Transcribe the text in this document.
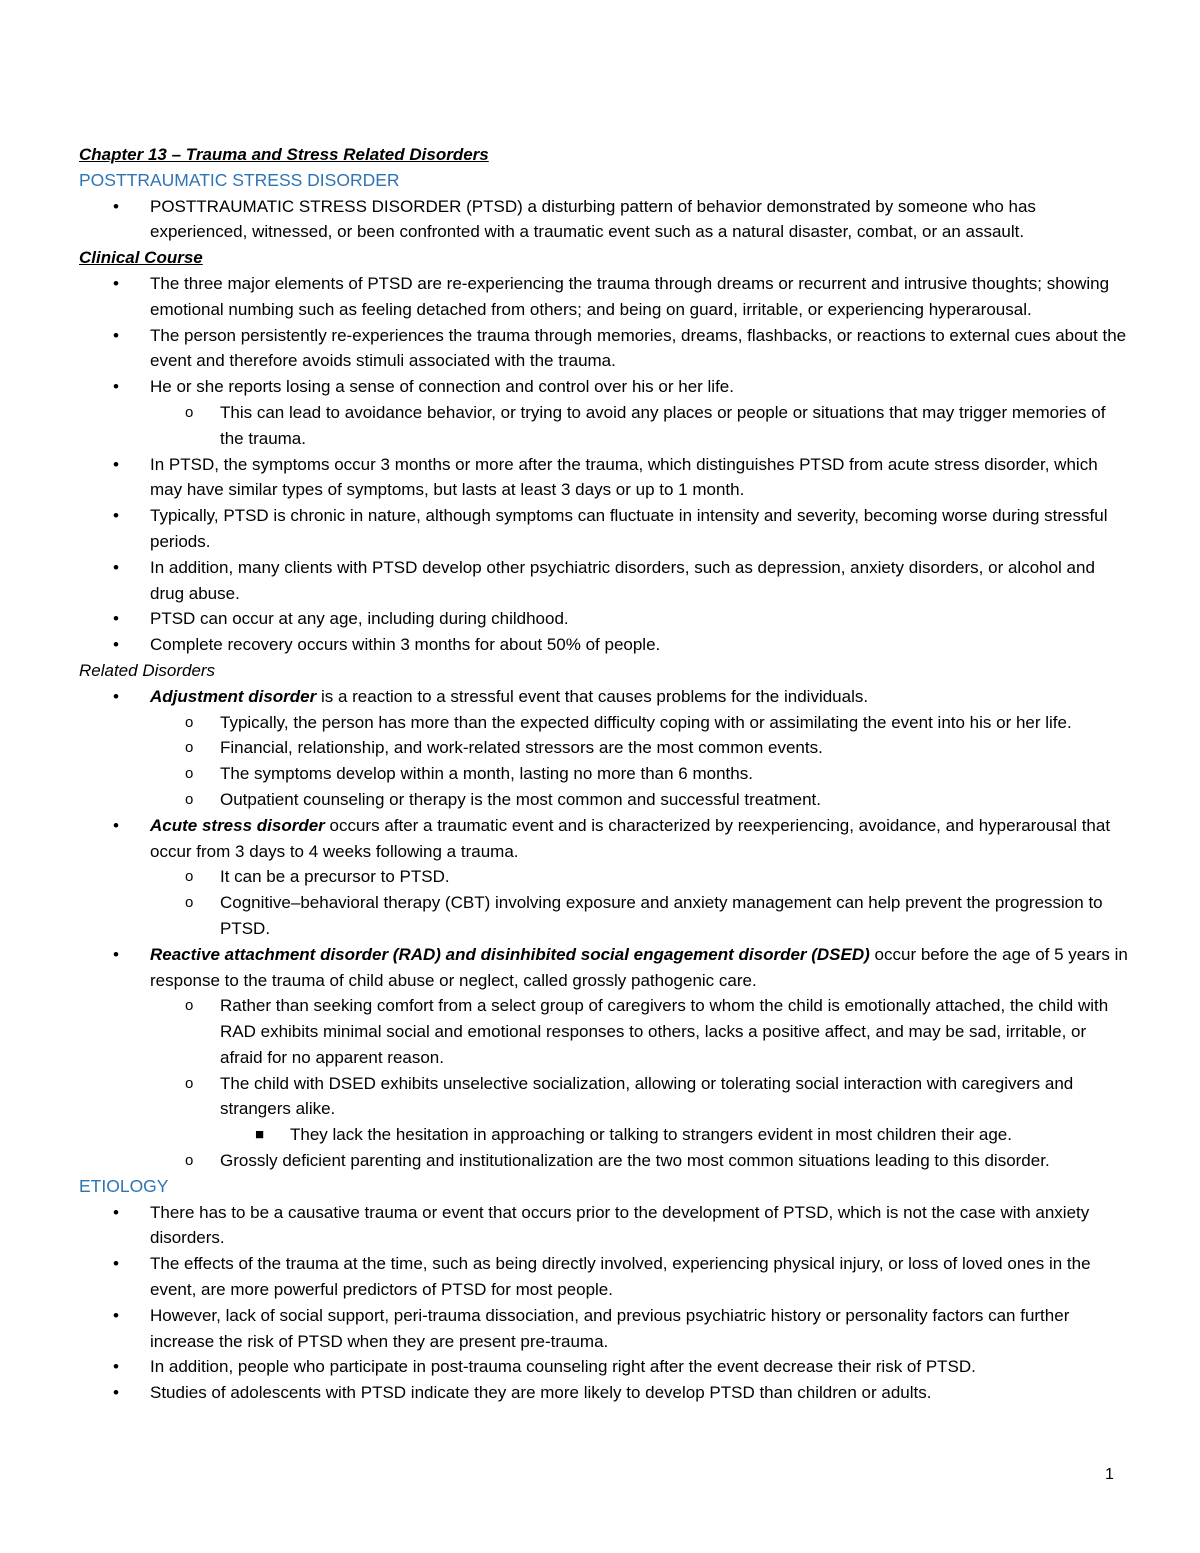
Chapter 13 – Trauma and Stress Related Disorders

POSTTRAUMATIC STRESS DISORDER

• POSTTRAUMATIC STRESS DISORDER (PTSD) a disturbing pattern of behavior demonstrated by someone who has experienced, witnessed, or been confronted with a traumatic event such as a natural disaster, combat, or an assault.

Clinical Course

• The three major elements of PTSD are re-experiencing the trauma through dreams or recurrent and intrusive thoughts; showing emotional numbing such as feeling detached from others; and being on guard, irritable, or experiencing hyperarousal.
• The person persistently re-experiences the trauma through memories, dreams, flashbacks, or reactions to external cues about the event and therefore avoids stimuli associated with the trauma.
• He or she reports losing a sense of connection and control over his or her life.
o This can lead to avoidance behavior, or trying to avoid any places or people or situations that may trigger memories of the trauma.
• In PTSD, the symptoms occur 3 months or more after the trauma, which distinguishes PTSD from acute stress disorder, which may have similar types of symptoms, but lasts at least 3 days or up to 1 month.
• Typically, PTSD is chronic in nature, although symptoms can fluctuate in intensity and severity, becoming worse during stressful periods.
• In addition, many clients with PTSD develop other psychiatric disorders, such as depression, anxiety disorders, or alcohol and drug abuse.
• PTSD can occur at any age, including during childhood.
• Complete recovery occurs within 3 months for about 50% of people.

Related Disorders

• Adjustment disorder is a reaction to a stressful event that causes problems for the individuals.
o Typically, the person has more than the expected difficulty coping with or assimilating the event into his or her life.
o Financial, relationship, and work-related stressors are the most common events.
o The symptoms develop within a month, lasting no more than 6 months.
o Outpatient counseling or therapy is the most common and successful treatment.
• Acute stress disorder occurs after a traumatic event and is characterized by reexperiencing, avoidance, and hyperarousal that occur from 3 days to 4 weeks following a trauma.
o It can be a precursor to PTSD.
o Cognitive–behavioral therapy (CBT) involving exposure and anxiety management can help prevent the progression to PTSD.
• Reactive attachment disorder (RAD) and disinhibited social engagement disorder (DSED) occur before the age of 5 years in response to the trauma of child abuse or neglect, called grossly pathogenic care.
o Rather than seeking comfort from a select group of caregivers to whom the child is emotionally attached, the child with RAD exhibits minimal social and emotional responses to others, lacks a positive affect, and may be sad, irritable, or afraid for no apparent reason.
o The child with DSED exhibits unselective socialization, allowing or tolerating social interaction with caregivers and strangers alike.
■ They lack the hesitation in approaching or talking to strangers evident in most children their age.
o Grossly deficient parenting and institutionalization are the two most common situations leading to this disorder.

ETIOLOGY

• There has to be a causative trauma or event that occurs prior to the development of PTSD, which is not the case with anxiety disorders.
• The effects of the trauma at the time, such as being directly involved, experiencing physical injury, or loss of loved ones in the event, are more powerful predictors of PTSD for most people.
• However, lack of social support, peri-trauma dissociation, and previous psychiatric history or personality factors can further increase the risk of PTSD when they are present pre-trauma.
• In addition, people who participate in post-trauma counseling right after the event decrease their risk of PTSD.
• Studies of adolescents with PTSD indicate they are more likely to develop PTSD than children or adults.
1
